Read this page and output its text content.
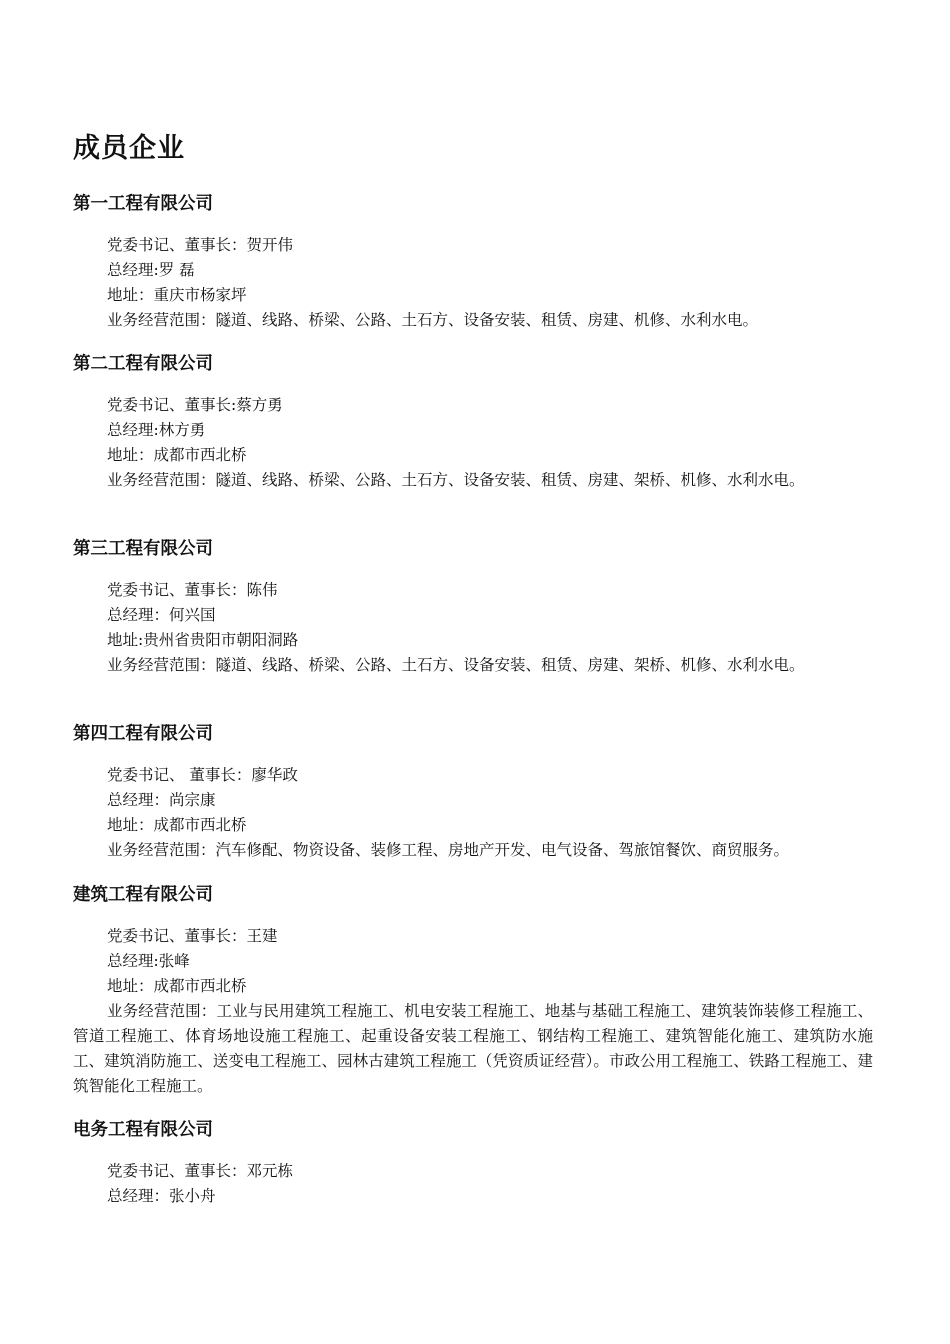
成员企业
第一工程有限公司
党委书记、董事长：贺开伟
总经理:罗 磊
地址：重庆市杨家坪
业务经营范围：隧道、线路、桥梁、公路、土石方、设备安装、租赁、房建、机修、水利水电。
第二工程有限公司
党委书记、董事长:蔡方勇
总经理:林方勇
地址：成都市西北桥
业务经营范围：隧道、线路、桥梁、公路、土石方、设备安装、租赁、房建、架桥、机修、水利水电。
第三工程有限公司
党委书记、董事长：陈伟
总经理：何兴国
地址:贵州省贵阳市朝阳洞路
业务经营范围：隧道、线路、桥梁、公路、土石方、设备安装、租赁、房建、架桥、机修、水利水电。
第四工程有限公司
党委书记、 董事长：廖华政
总经理：尚宗康
地址：成都市西北桥
业务经营范围：汽车修配、物资设备、装修工程、房地产开发、电气设备、驾旅馆餐饮、商贸服务。
建筑工程有限公司
党委书记、董事长：王建
总经理:张峰
地址：成都市西北桥

业务经营范围：工业与民用建筑工程施工、机电安装工程施工、地基与基础工程施工、建筑装饰装修工程施工、管道工程施工、体育场地设施工程施工、起重设备安装工程施工、钢结构工程施工、建筑智能化施工、建筑防水施工、建筑消防施工、送变电工程施工、园林古建筑工程施工（凭资质证经营）。市政公用工程施工、铁路工程施工、建筑智能化工程施工。

电务工程有限公司
党委书记、董事长：邓元栋
总经理：张小舟
